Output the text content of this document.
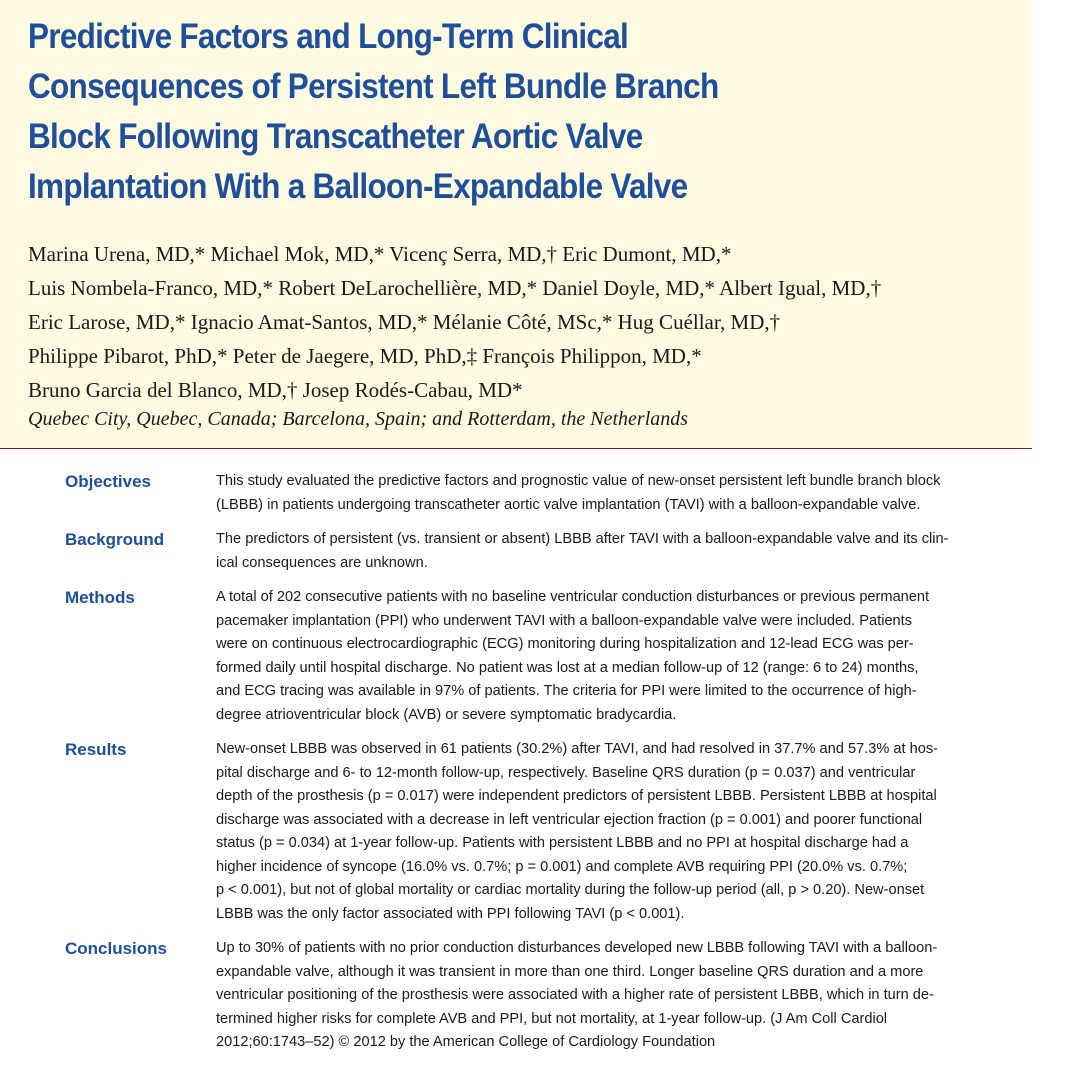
Predictive Factors and Long-Term Clinical
Consequences of Persistent Left Bundle Branch
Block Following Transcatheter Aortic Valve
Implantation With a Balloon-Expandable Valve

Marina Urena, MD,* Michael Mok, MD,* Vicenç Serra, MD,† Eric Dumont, MD,*
Luis Nombela-Franco, MD,* Robert DeLarochellière, MD,* Daniel Doyle, MD,* Albert Igual, MD,†
Eric Larose, MD,* Ignacio Amat-Santos, MD,* Mélanie Côté, MSc,* Hug Cuéllar, MD,†
Philippe Pibarot, PhD,* Peter de Jaegere, MD, PhD,‡ François Philippon, MD,*
Bruno Garcia del Blanco, MD,† Josep Rodés-Cabau, MD*

Quebec City, Quebec, Canada; Barcelona, Spain; and Rotterdam, the Netherlands

Objectives	This study evaluated the predictive factors and prognostic value of new-onset persistent left bundle branch block
(LBBB) in patients undergoing transcatheter aortic valve implantation (TAVI) with a balloon-expandable valve.
Background	The predictors of persistent (vs. transient or absent) LBBB after TAVI with a balloon-expandable valve and its clin-
ical consequences are unknown.
Methods	A total of 202 consecutive patients with no baseline ventricular conduction disturbances or previous permanent
pacemaker implantation (PPI) who underwent TAVI with a balloon-expandable valve were included. Patients
were on continuous electrocardiographic (ECG) monitoring during hospitalization and 12-lead ECG was per-
formed daily until hospital discharge. No patient was lost at a median follow-up of 12 (range: 6 to 24) months,
and ECG tracing was available in 97% of patients. The criteria for PPI were limited to the occurrence of high-
degree atrioventricular block (AVB) or severe symptomatic bradycardia.
Results	New-onset LBBB was observed in 61 patients (30.2%) after TAVI, and had resolved in 37.7% and 57.3% at hos-
pital discharge and 6- to 12-month follow-up, respectively. Baseline QRS duration (p = 0.037) and ventricular
depth of the prosthesis (p = 0.017) were independent predictors of persistent LBBB. Persistent LBBB at hospital
discharge was associated with a decrease in left ventricular ejection fraction (p = 0.001) and poorer functional
status (p = 0.034) at 1-year follow-up. Patients with persistent LBBB and no PPI at hospital discharge had a
higher incidence of syncope (16.0% vs. 0.7%; p = 0.001) and complete AVB requiring PPI (20.0% vs. 0.7%;
p < 0.001), but not of global mortality or cardiac mortality during the follow-up period (all, p > 0.20). New-onset
LBBB was the only factor associated with PPI following TAVI (p < 0.001).
Conclusions	Up to 30% of patients with no prior conduction disturbances developed new LBBB following TAVI with a balloon-
expandable valve, although it was transient in more than one third. Longer baseline QRS duration and a more
ventricular positioning of the prosthesis were associated with a higher rate of persistent LBBB, which in turn de-
termined higher risks for complete AVB and PPI, but not mortality, at 1-year follow-up. (J Am Coll Cardiol
2012;60:1743–52) © 2012 by the American College of Cardiology Foundation
